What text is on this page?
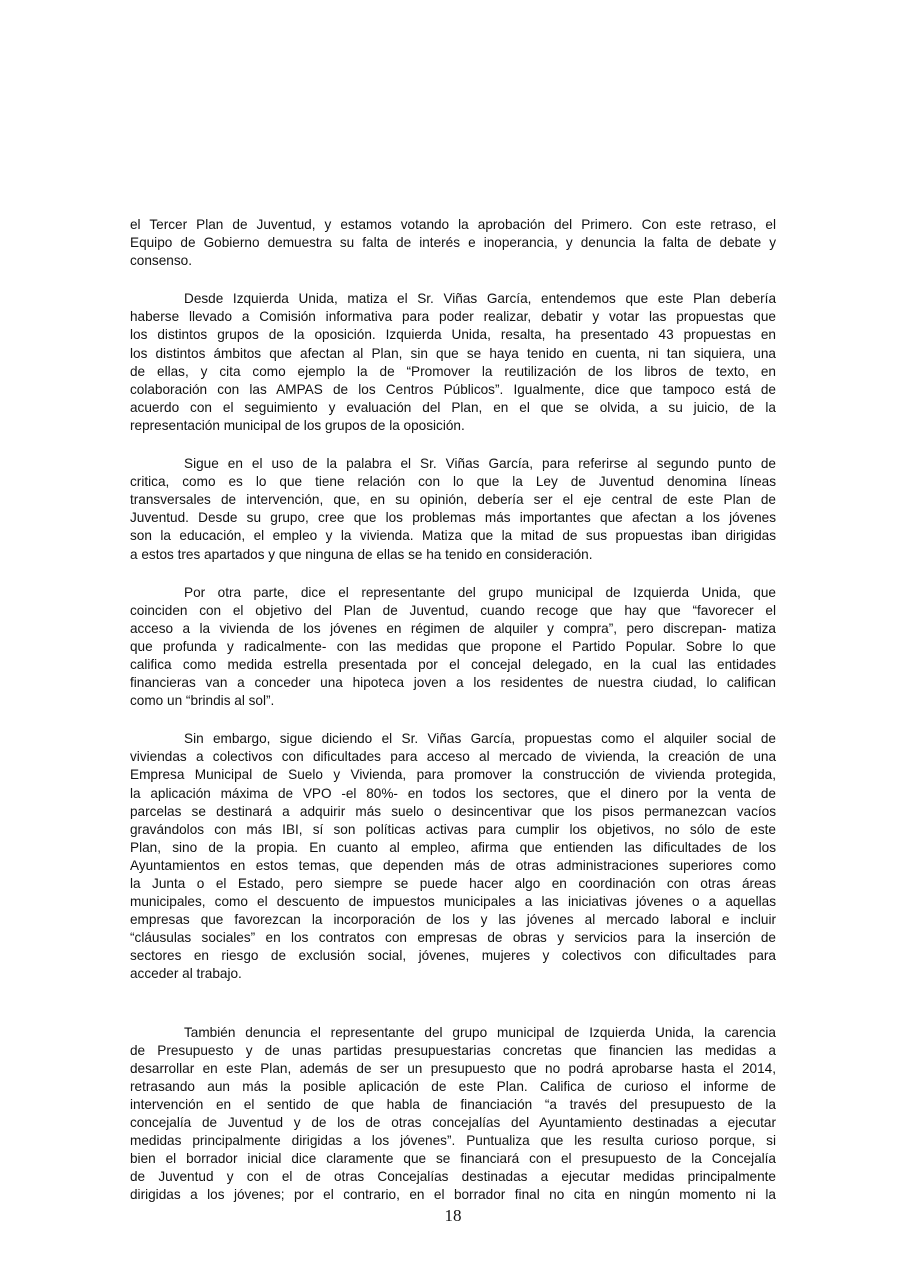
el Tercer Plan de Juventud, y estamos votando la aprobación del Primero. Con este retraso, el
Equipo de Gobierno demuestra su falta de interés e inoperancia, y denuncia la falta de debate y
consenso.
Desde Izquierda Unida, matiza el Sr. Viñas García, entendemos que este Plan debería
haberse llevado a Comisión informativa para poder realizar, debatir y votar las propuestas que
los distintos grupos de la oposición. Izquierda Unida, resalta, ha presentado 43 propuestas en
los distintos ámbitos que afectan al Plan, sin que se haya tenido en cuenta, ni tan siquiera, una
de ellas, y cita como ejemplo la de “Promover la reutilización de los libros de texto, en
colaboración con las AMPAS de los Centros Públicos”. Igualmente, dice que tampoco está de
acuerdo con el seguimiento y evaluación del Plan, en el que se olvida, a su juicio, de la
representación municipal de los grupos de la oposición.
Sigue en el uso de la palabra el Sr. Viñas García, para referirse al segundo punto de
critica, como es lo que tiene relación con lo que la Ley de Juventud denomina líneas
transversales de intervención, que, en su opinión, debería ser el eje central de este Plan de
Juventud. Desde su grupo, cree que los problemas más importantes que afectan a los jóvenes
son la educación, el empleo y la vivienda. Matiza que la mitad de sus propuestas iban dirigidas
a estos tres apartados y que ninguna de ellas se ha tenido en consideración.
Por otra parte, dice el representante del grupo municipal de Izquierda Unida, que
coinciden con el objetivo del Plan de Juventud, cuando recoge que hay que “favorecer el
acceso a la vivienda de los jóvenes en régimen de alquiler y compra”, pero discrepan- matiza
que profunda y radicalmente- con las medidas que propone el Partido Popular. Sobre lo que
califica como medida estrella presentada por el concejal delegado, en la cual las entidades
financieras van a conceder una hipoteca joven a los residentes de nuestra ciudad, lo califican
como un “brindis al sol”.
Sin embargo, sigue diciendo el Sr. Viñas García, propuestas como el alquiler social de
viviendas a colectivos con dificultades para acceso al mercado de vivienda, la creación de una
Empresa Municipal de Suelo y Vivienda, para promover la construcción de vivienda protegida,
la aplicación máxima de VPO -el 80%- en todos los sectores, que el dinero por la venta de
parcelas se destinará a adquirir más suelo o desincentivar que los pisos permanezcan vacíos
gravándolos con más IBI, sí son políticas activas para cumplir los objetivos, no sólo de este
Plan, sino de la propia. En cuanto al empleo, afirma que entienden las dificultades de los
Ayuntamientos en estos temas, que dependen más de otras administraciones superiores como
la Junta o el Estado, pero siempre se puede hacer algo en coordinación con otras áreas
municipales, como el descuento de impuestos municipales a las iniciativas jóvenes o a aquellas
empresas que favorezcan la incorporación de los y las jóvenes al mercado laboral e incluir
“cláusulas sociales” en los contratos con empresas de obras y servicios para la inserción de
sectores en riesgo de exclusión social, jóvenes, mujeres y colectivos con dificultades para
acceder al trabajo.
También denuncia el representante del grupo municipal de Izquierda Unida, la carencia
de Presupuesto y de unas partidas presupuestarias concretas que financien las medidas a
desarrollar en este Plan, además de ser un presupuesto que no podrá aprobarse hasta el 2014,
retrasando aun más la posible aplicación de este Plan. Califica de curioso el informe de
intervención en el sentido de que habla de financiación “a través del presupuesto de la
concejalía de Juventud y de los de otras concejalías del Ayuntamiento destinadas a ejecutar
medidas principalmente dirigidas a los jóvenes”. Puntualiza que les resulta curioso porque, si
bien el borrador inicial dice claramente que se financiará con el presupuesto de la Concejalía
de Juventud y con el de otras Concejalías destinadas a ejecutar medidas principalmente
dirigidas a los jóvenes; por el contrario, en el borrador final no cita en ningún momento ni la
18
